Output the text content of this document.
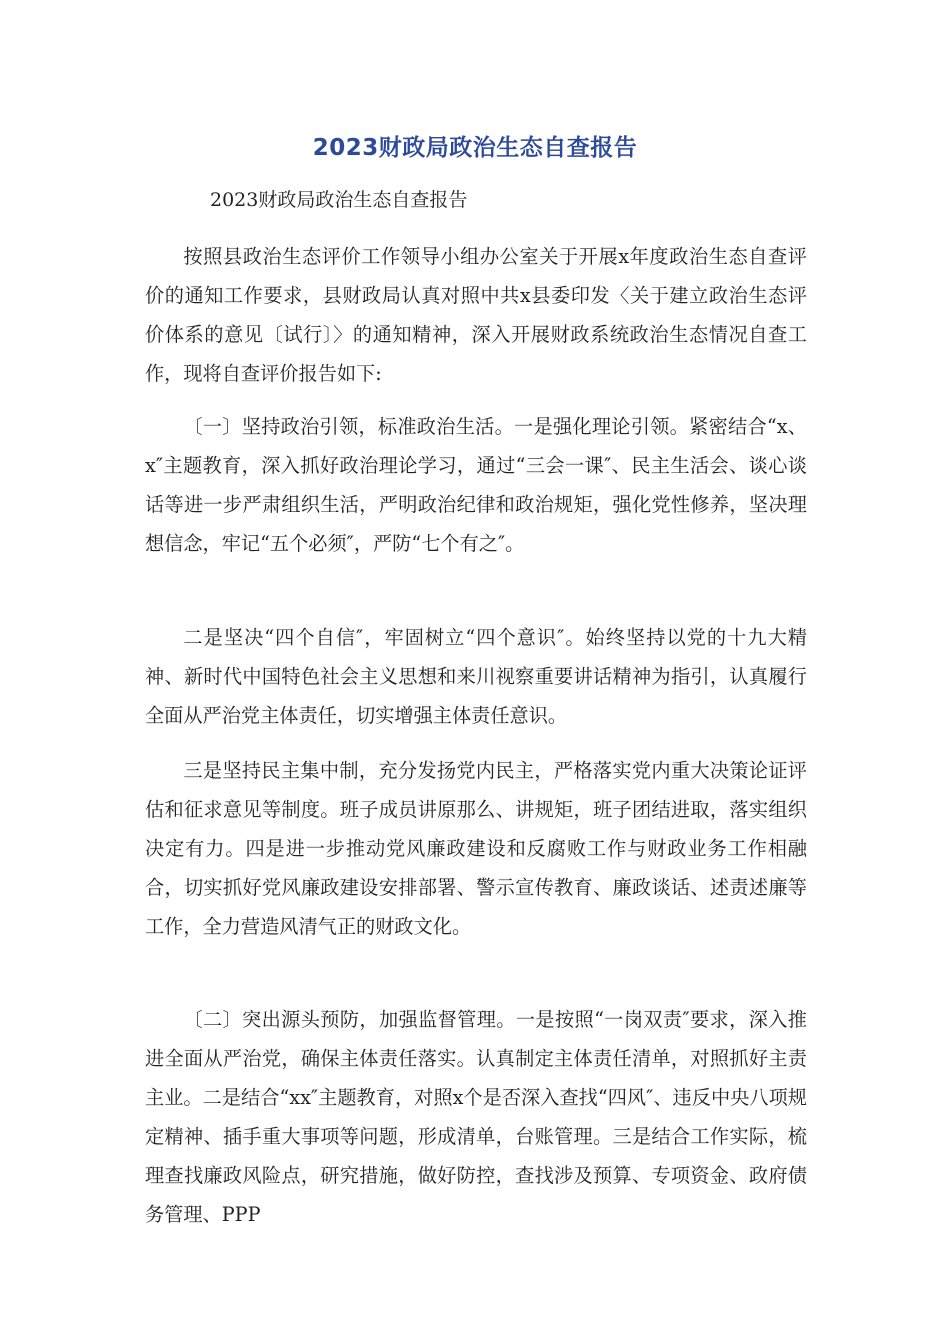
2023财政局政治生态自查报告
2023财政局政治生态自查报告

按照县政治生态评价工作领导小组办公室关于开展x年度政治生态自查评价的通知工作要求，县财政局认真对照中共x县委印发〈关于建立政治生态评价体系的意见〔试行〕〉的通知精神，深入开展财政系统政治生态情况自查工作，现将自查评价报告如下:

〔一〕坚持政治引领，标准政治生活。一是强化理论引领。紧密结合“x、x″主题教育，深入抓好政治理论学习，通过“三会一课″、民主生活会、谈心谈话等进一步严肃组织生活，严明政治纪律和政治规矩，强化党性修养，坚决理想信念，牢记“五个必须″，严防“七个有之″。

二是坚决“四个自信″，牢固树立“四个意识″。始终坚持以党的十九大精神、新时代中国特色社会主义思想和来川视察重要讲话精神为指引，认真履行全面从严治党主体责任，切实增强主体责任意识。

三是坚持民主集中制，充分发扬党内民主，严格落实党内重大决策论证评估和征求意见等制度。班子成员讲原那么、讲规矩，班子团结进取，落实组织决定有力。四是进一步推动党风廉政建设和反腐败工作与财政业务工作相融合，切实抓好党风廉政建设安排部署、警示宣传教育、廉政谈话、述责述廉等工作，全力营造风清气正的财政文化。

〔二〕突出源头预防，加强监督管理。一是按照“一岗双责″要求，深入推进全面从严治党，确保主体责任落实。认真制定主体责任清单，对照抓好主责主业。二是结合“xx″主题教育，对照x个是否深入查找“四风″、违反中央八项规定精神、插手重大事项等问题，形成清单，台账管理。三是结合工作实际，梳理查找廉政风险点，研究措施，做好防控，查找涉及预算、专项资金、政府债务管理、PPP
